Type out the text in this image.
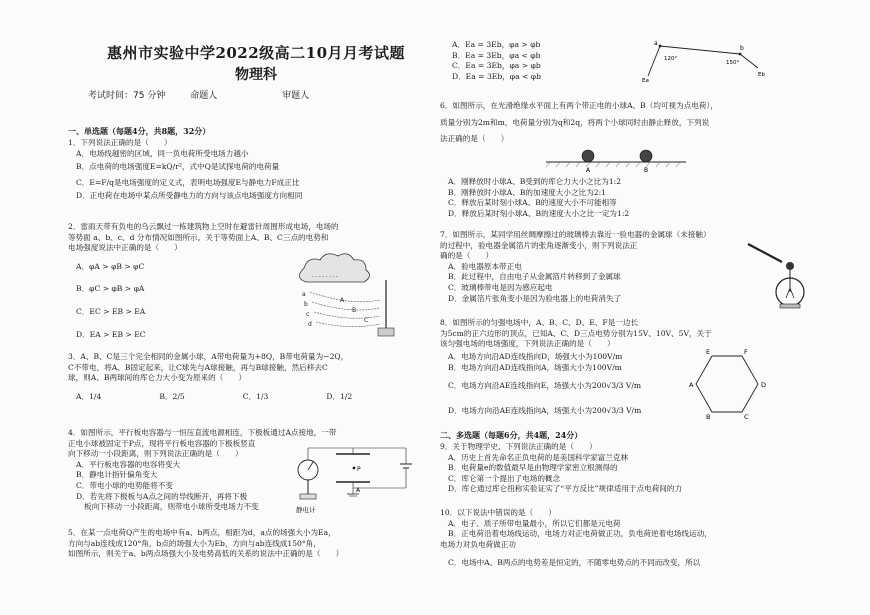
惠州市实验中学2022级高二10月月考试题
物理科
考试时间：75 分钟	命题人	审题人
一、单选题（每题4分，共8题，32分）

1．下列说法正确的是（　　）

A．电场线越密的区域，同一负电荷所受电场力越小

B．点电荷的电场强度E=kQ/r²，式中Q是试探电荷的电荷量

C．E=F/q是电场强度的定义式，表明电场强度E与静电力F成正比

D．正电荷在电场中某点所受静电力的方向与该点电场强度方向相同

2．雷雨天带有负电的乌云飘过一栋建筑物上空时在避雷针周围形成电场，电场的

等势面 a、b、c、d 分布情况如图所示。关于等势面上A、B、C三点的电势和

电场强度说法中正确的是（　　）

A．φA > φB > φC

B．φC > φB > φA

C．EC > EB > EA

D．EA > EB > EC

- - - - - - - -
a
b
c
d
A
B
C

3．A、B、C是三个完全相同的金属小球，A带电荷量为+8Q，B带电荷量为−2Q，

C不带电，将A、B固定起来，让C球先与A球接触，再与B球接触，然后移去C

球，则A、B两球间的库仑力大小变为原来的（　　）

A．1/4	B．2/5	C．1/3	D．1/2

4．如图所示，平行板电容器与一恒压直流电源相连，下极板通过A点接地，一带

正电小球被固定于P点，现将平行板电容器的下极板竖直

向下移动一小段距离，则下列说法正确的是（　　）

A．平行板电容器的电容将变大

B．静电计指针偏角变大

C．带电小球的电势能将不变

D．若先将下极板与A点之间的导线断开，再将下极

板向下移动一小段距离，则带电小球所受电场力不变

P
A
静电计

5．在某一点电荷Q产生的电场中有a、b两点，相距为d，a点的场强大小为Ea，

方向与ab连线成120°角，b点的场强大小为Eb，方向与ab连线成150°角，

如图所示，则关于a、b两点场强大小及电势高低的关系的说法中正确的是（　　）

A．Ea = 3Eb，φa > φb

B．Ea = 3Eb，φa < φb

C．Ea = 3Eb，φa > φb

D．Ea = 3Eb，φa < φb

a
b
120°
150°
Ea
Eb

6．如图所示，在光滑绝缘水平面上有两个带正电的小球A、B（均可视为点电荷），

质量分别为2m和m，电荷量分别为q和2q，将两个小球同时由静止释放，下列说

法正确的是（　　）

A	B

A．刚释放时小球A、B受到的库仑力大小之比为1:2

B．刚释放时小球A、B的加速度大小之比为2:1

C．释放后某时刻小球A、B的速度大小不可能相等

D．释放后某时刻小球A、B的速度大小之比一定为1:2

7．如图所示，某同学用丝绸摩擦过的玻璃棒去靠近一验电器的金属球（未接触）

的过程中，验电器金属箔片的张角逐渐变小，则下列说法正

确的是（　　）

A．验电器原本带正电

B．此过程中，自由电子从金属箔片转移到了金属球

C．玻璃棒带电是因为感应起电

D．金属箔片张角变小是因为验电器上的电荷消失了

8．如图所示的匀强电场中，A、B、C、D、E、F是一边长

为5cm的正六边形的顶点，已知A、C、D三点电势分别为15V、10V、5V，关于

该匀强电场的电场强度，下列说法正确的是（　　）

A．电场方向沿AD连线指向D，场强大小为100V/m

B．电场方向沿AD连线指向A，场强大小为100V/m

C．电场方向沿AE连线指向E，场强大小为200√3/3 V/m

D．电场方向沿AE连线指向A，场强大小为200√3/3 V/m

E	F
D
A
C
B
二、多选题（每题6分，共4题，24分）

9．关于物理学史，下列说法正确的是（　　）

A．历史上首先命名正负电荷的是美国科学家富兰克林

B．电荷量e的数值最早是由物理学家密立根测得的

C．库仑第一个提出了电场的概念

D．库仑通过库仑扭称实验证实了“平方反比”规律适用于点电荷间的力

10．以下说法中错误的是（　　）

A．电子、质子所带电量最小，所以它们都是元电荷

B．正电荷沿着电场线运动，电场力对正电荷做正功，负电荷逆着电场线运动，

电场力对负电荷做正功

C．电场中A、B两点的电势差是恒定的，不随零电势点的不同而改变，所以
